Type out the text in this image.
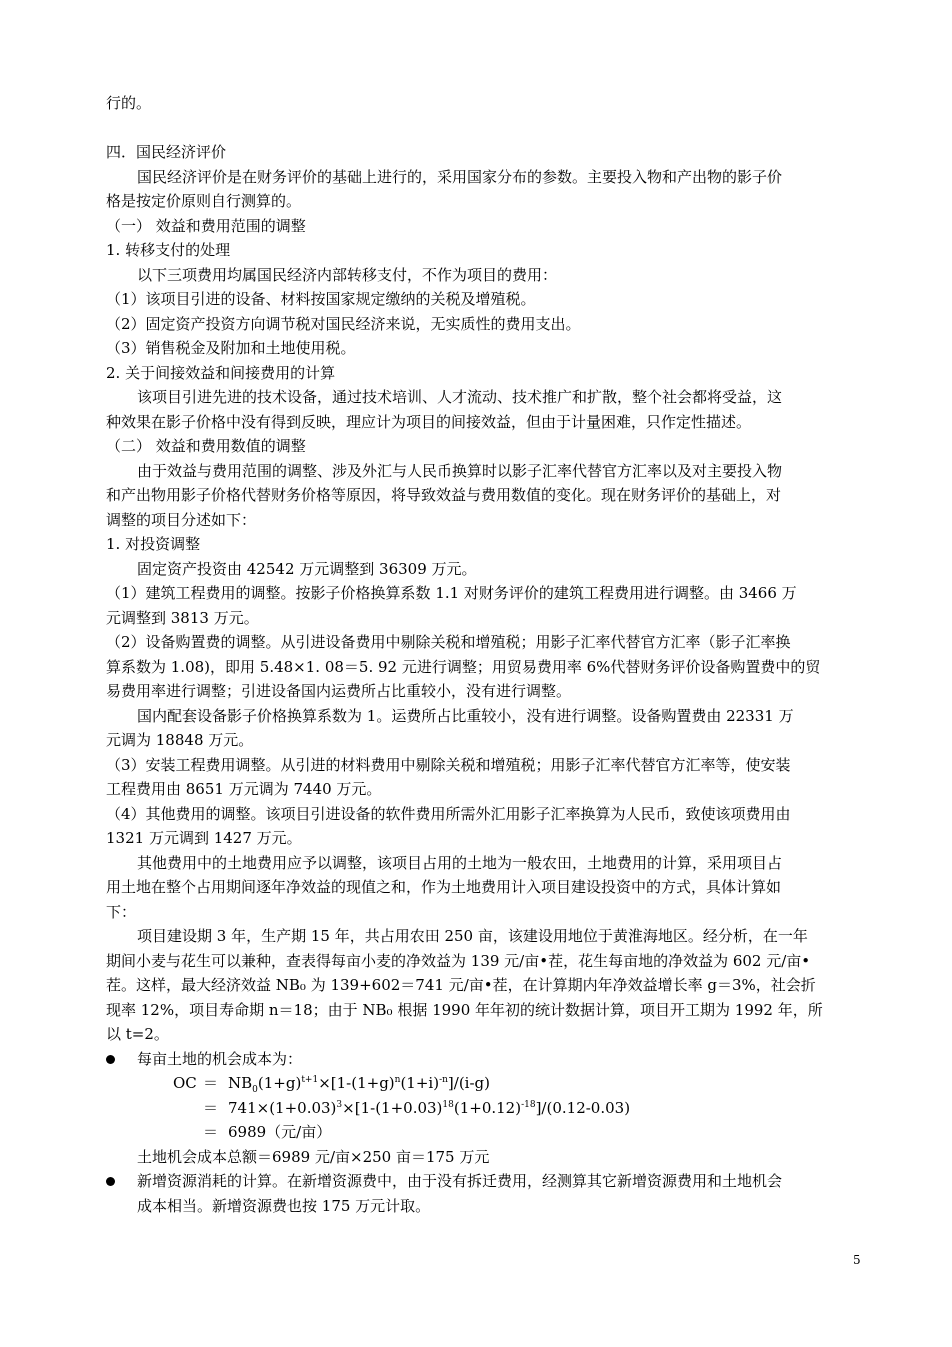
行的。
四．国民经济评价
国民经济评价是在财务评价的基础上进行的，采用国家分布的参数。主要投入物和产出物的影子价
格是按定价原则自行测算的。
（一） 效益和费用范围的调整
1. 转移支付的处理
以下三项费用均属国民经济内部转移支付，不作为项目的费用：
（1）该项目引进的设备、材料按国家规定缴纳的关税及增殖税。
（2）固定资产投资方向调节税对国民经济来说，无实质性的费用支出。
（3）销售税金及附加和土地使用税。
2. 关于间接效益和间接费用的计算
该项目引进先进的技术设备，通过技术培训、人才流动、技术推广和扩散，整个社会都将受益，这
种效果在影子价格中没有得到反映，理应计为项目的间接效益，但由于计量困难，只作定性描述。
（二） 效益和费用数值的调整
由于效益与费用范围的调整、涉及外汇与人民币换算时以影子汇率代替官方汇率以及对主要投入物
和产出物用影子价格代替财务价格等原因，将导致效益与费用数值的变化。现在财务评价的基础上，对
调整的项目分述如下：
1. 对投资调整
固定资产投资由 42542 万元调整到 36309 万元。
（1）建筑工程费用的调整。按影子价格换算系数 1.1 对财务评价的建筑工程费用进行调整。由 3466 万
元调整到 3813 万元。
（2）设备购置费的调整。从引进设备费用中剔除关税和增殖税；用影子汇率代替官方汇率（影子汇率换
算系数为 1.08)，即用 5.48×1. 08＝5. 92 元进行调整；用贸易费用率 6%代替财务评价设备购置费中的贸
易费用率进行调整；引进设备国内运费所占比重较小，没有进行调整。
国内配套设备影子价格换算系数为 1。运费所占比重较小，没有进行调整。设备购置费由 22331 万
元调为 18848 万元。
（3）安装工程费用调整。从引进的材料费用中剔除关税和增殖税；用影子汇率代替官方汇率等，使安装
工程费用由 8651 万元调为 7440 万元。
（4）其他费用的调整。该项目引进设备的软件费用所需外汇用影子汇率换算为人民币，致使该项费用由
1321 万元调到 1427 万元。
其他费用中的土地费用应予以调整，该项目占用的土地为一般农田，土地费用的计算，采用项目占
用土地在整个占用期间逐年净效益的现值之和，作为土地费用计入项目建设投资中的方式，具体计算如
下：
项目建设期 3 年，生产期 15 年，共占用农田 250 亩，该建设用地位于黄淮海地区。经分析，在一年
期间小麦与花生可以兼种，查表得每亩小麦的净效益为 139 元/亩•茬，花生每亩地的净效益为 602 元/亩•
茬。这样，最大经济效益 NB₀ 为 139+602＝741 元/亩•茬，在计算期内年净效益增长率 g＝3%，社会折
现率 12%，项目寿命期 n＝18；由于 NB₀ 根据 1990 年年初的统计数据计算，项目开工期为 1992 年，所
以 t=2。
每亩土地的机会成本为：
OC ＝ $NB_0(1+g)^{t+1}\times[1-(1+g)^n(1+i)^{-n}]/(i-g)$
＝ $741\times(1+0.03)^3\times[1-(1+0.03)^{18}(1+0.12)^{-18}]/(0.12-0.03)$
＝ 6989（元/亩）
土地机会成本总额＝6989 元/亩×250 亩＝175 万元
新增资源消耗的计算。在新增资源费中，由于没有拆迁费用，经测算其它新增资源费用和土地机会
成本相当。新增资源费也按 175 万元计取。
5
